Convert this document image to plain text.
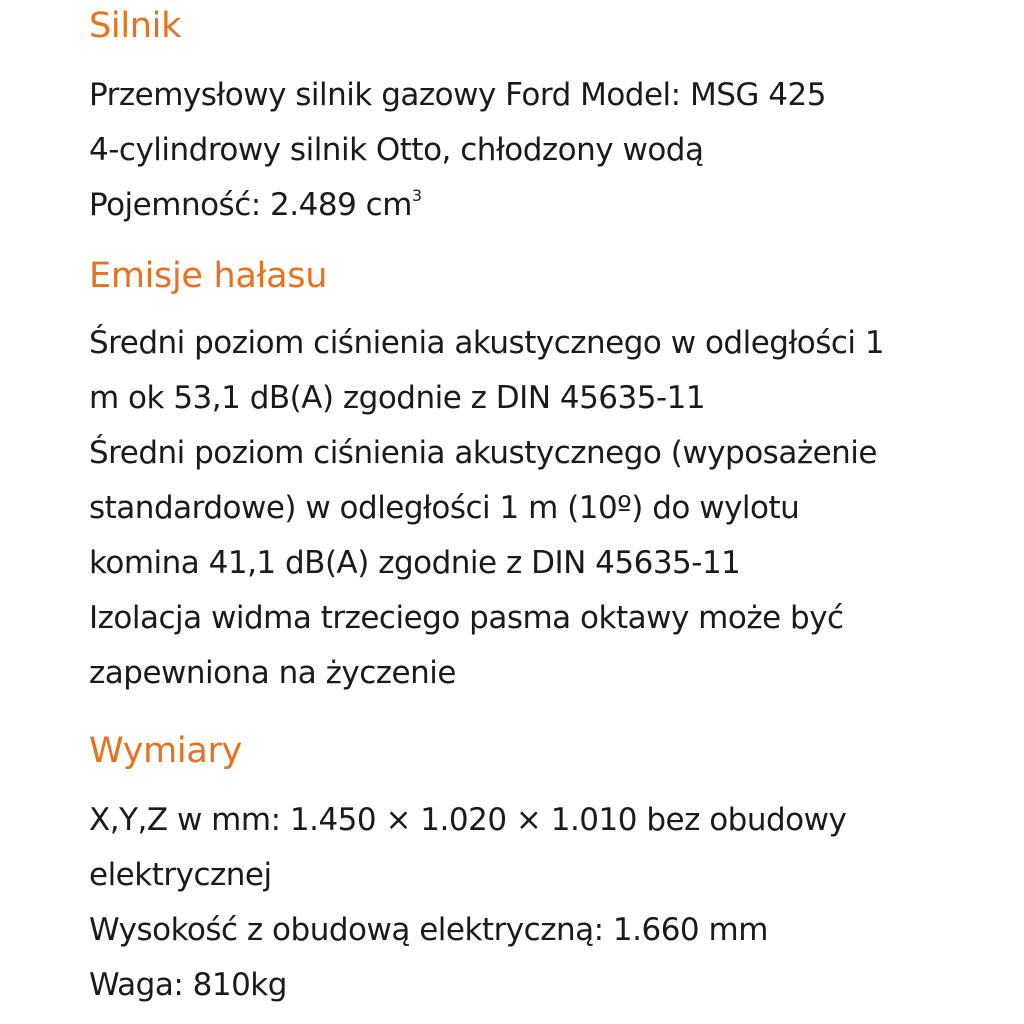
Silnik

Przemysłowy silnik gazowy Ford Model: MSG 425

4-cylindrowy silnik Otto, chłodzony wodą

Pojemność: 2.489 $cm^3$

Emisje hałasu

Średni poziom ciśnienia akustycznego w odległości 1

m ok 53,1 dB(A) zgodnie z DIN 45635-11

Średni poziom ciśnienia akustycznego (wyposażenie

standardowe) w odległości 1 m (10º) do wylotu

komina 41,1 dB(A) zgodnie z DIN 45635-11

Izolacja widma trzeciego pasma oktawy może być

zapewniona na życzenie

Wymiary

X,Y,Z w mm: 1.450 × 1.020 × 1.010 bez obudowy

elektrycznej

Wysokość z obudową elektryczną: 1.660 mm

Waga: 810kg
